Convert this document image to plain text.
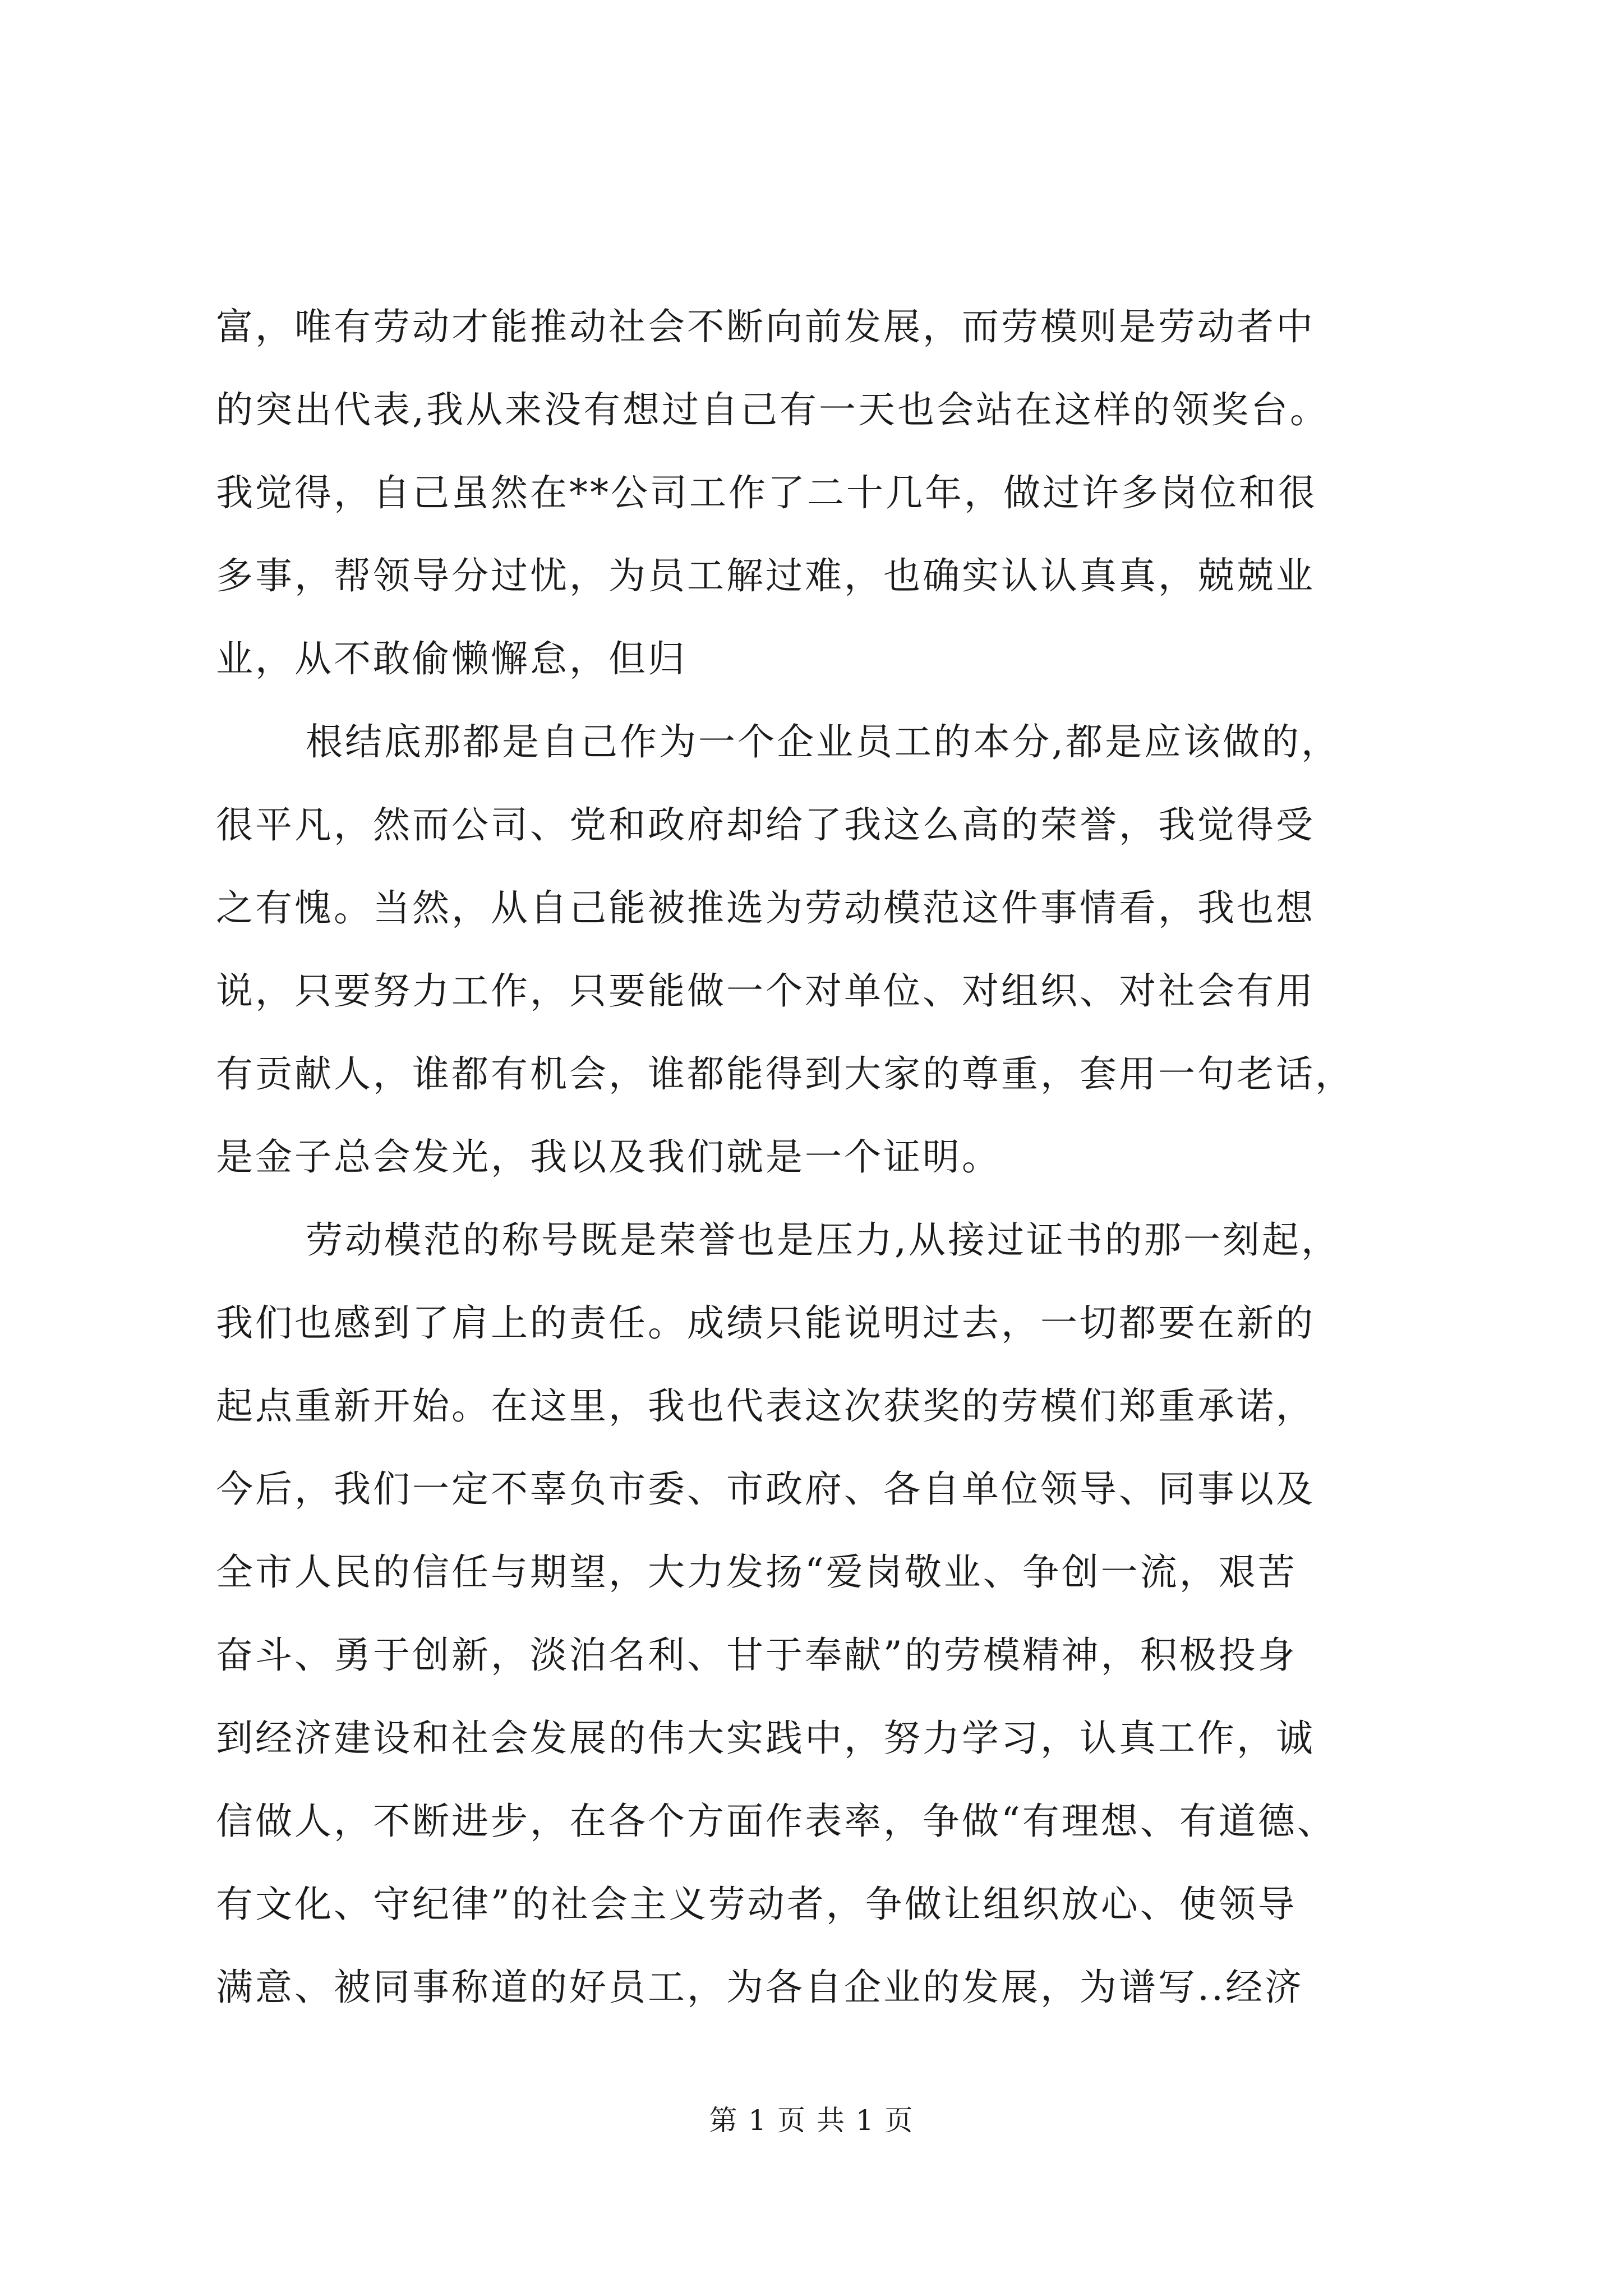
富，唯有劳动才能推动社会不断向前发展，而劳模则是劳动者中
的突出代表,我从来没有想过自己有一天也会站在这样的领奖台。
我觉得，自己虽然在**公司工作了二十几年，做过许多岗位和很
多事，帮领导分过忧，为员工解过难，也确实认认真真，兢兢业
业，从不敢偷懒懈怠，但归
根结底那都是自己作为一个企业员工的本分,都是应该做的，
很平凡，然而公司、党和政府却给了我这么高的荣誉，我觉得受
之有愧。当然，从自己能被推选为劳动模范这件事情看，我也想
说，只要努力工作，只要能做一个对单位、对组织、对社会有用
有贡献人，谁都有机会，谁都能得到大家的尊重，套用一句老话，
是金子总会发光，我以及我们就是一个证明。
劳动模范的称号既是荣誉也是压力,从接过证书的那一刻起，
我们也感到了肩上的责任。成绩只能说明过去，一切都要在新的
起点重新开始。在这里，我也代表这次获奖的劳模们郑重承诺，
今后，我们一定不辜负市委、市政府、各自单位领导、同事以及
全市人民的信任与期望，大力发扬“爱岗敬业、争创一流，艰苦
奋斗、勇于创新，淡泊名利、甘于奉献”的劳模精神，积极投身
到经济建设和社会发展的伟大实践中，努力学习，认真工作，诚
信做人，不断进步，在各个方面作表率，争做“有理想、有道德、
有文化、守纪律”的社会主义劳动者，争做让组织放心、使领导
满意、被同事称道的好员工，为各自企业的发展，为谱写..经济
第 1 页 共 1 页
